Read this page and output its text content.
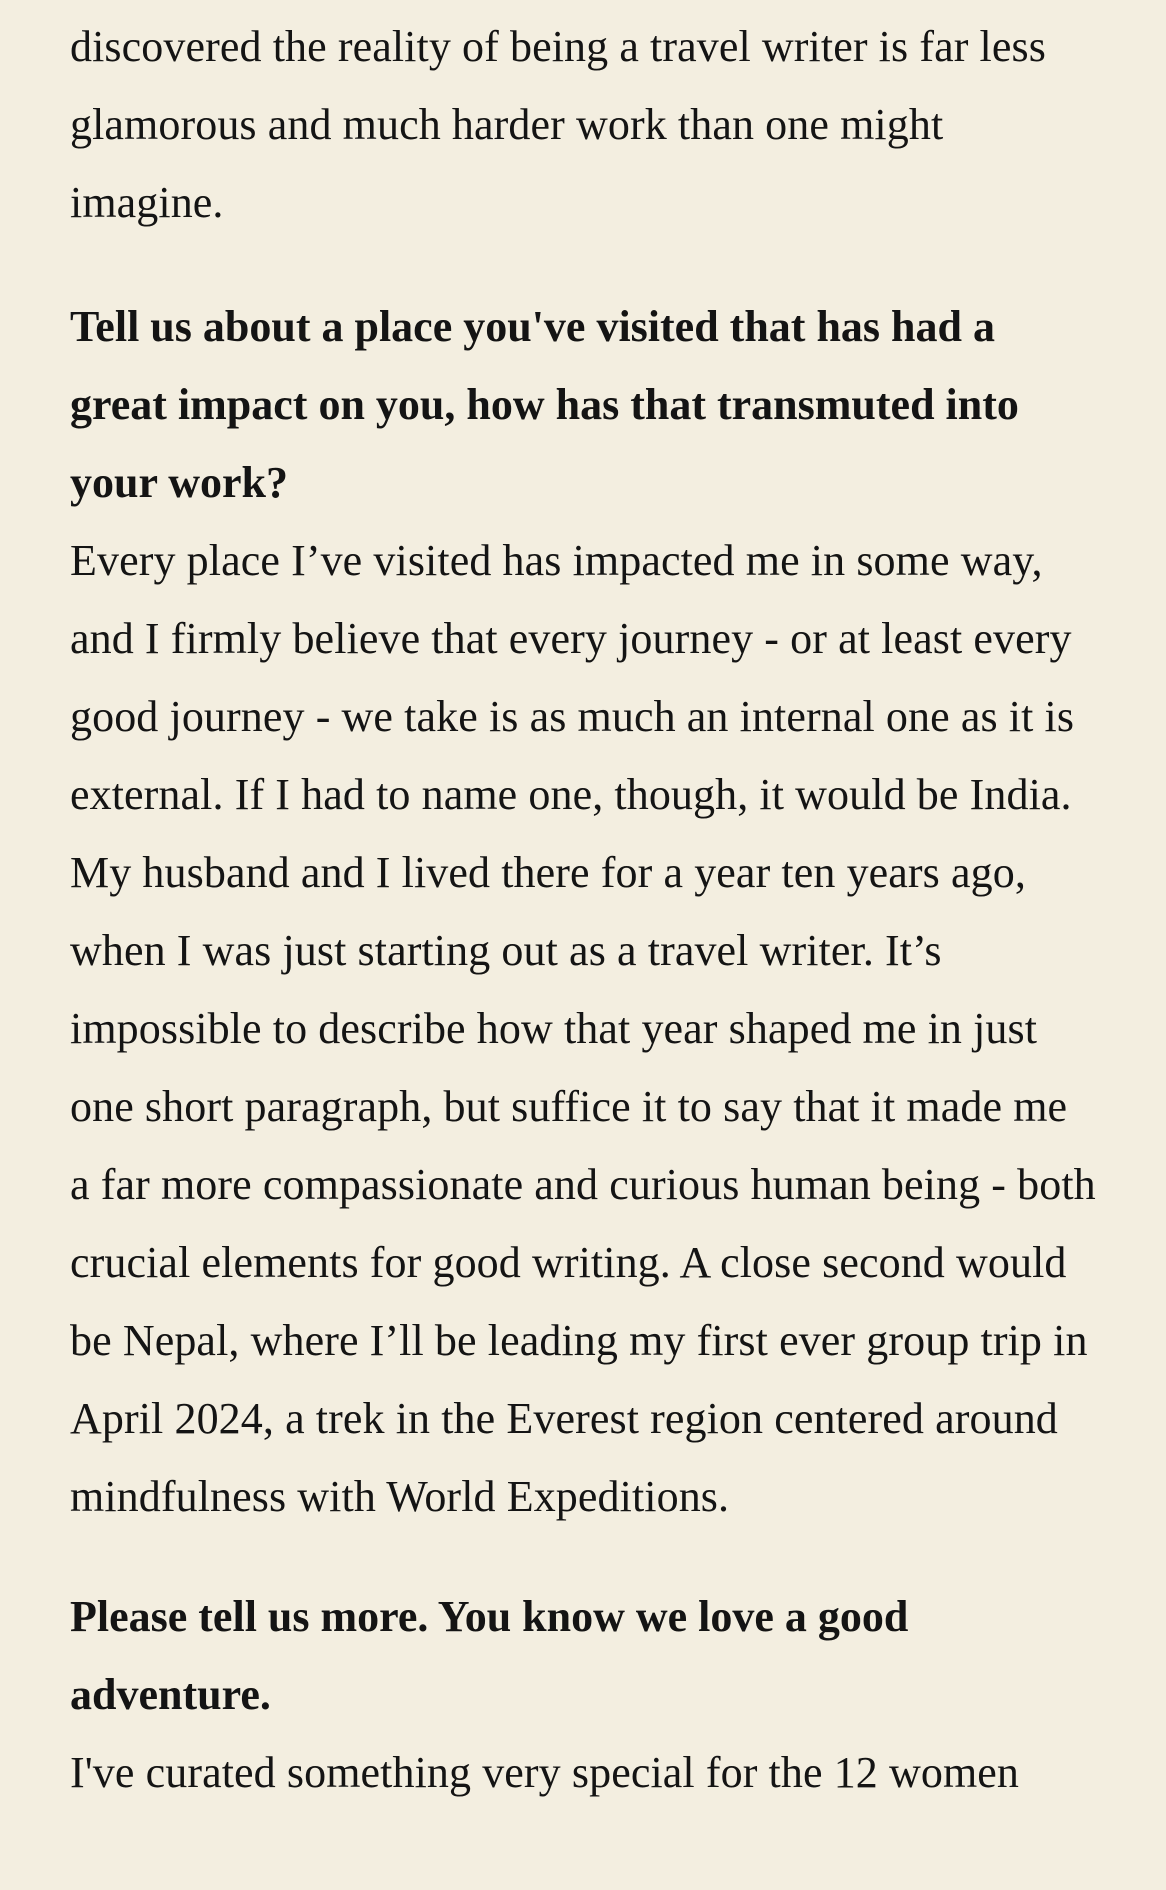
discovered the reality of being a travel writer is far less glamorous and much harder work than one might imagine.

Tell us about a place you've visited that has had a great impact on you, how has that transmuted into your work?

Every place I’ve visited has impacted me in some way, and I firmly believe that every journey - or at least every good journey - we take is as much an internal one as it is external. If I had to name one, though, it would be India. My husband and I lived there for a year ten years ago, when I was just starting out as a travel writer. It’s impossible to describe how that year shaped me in just one short paragraph, but suffice it to say that it made me a far more compassionate and curious human being - both crucial elements for good writing. A close second would be Nepal, where I’ll be leading my first ever group trip in April 2024, a trek in the Everest region centered around mindfulness with World Expeditions.

Please tell us more. You know we love a good adventure.

I've curated something very special for the 12 women
